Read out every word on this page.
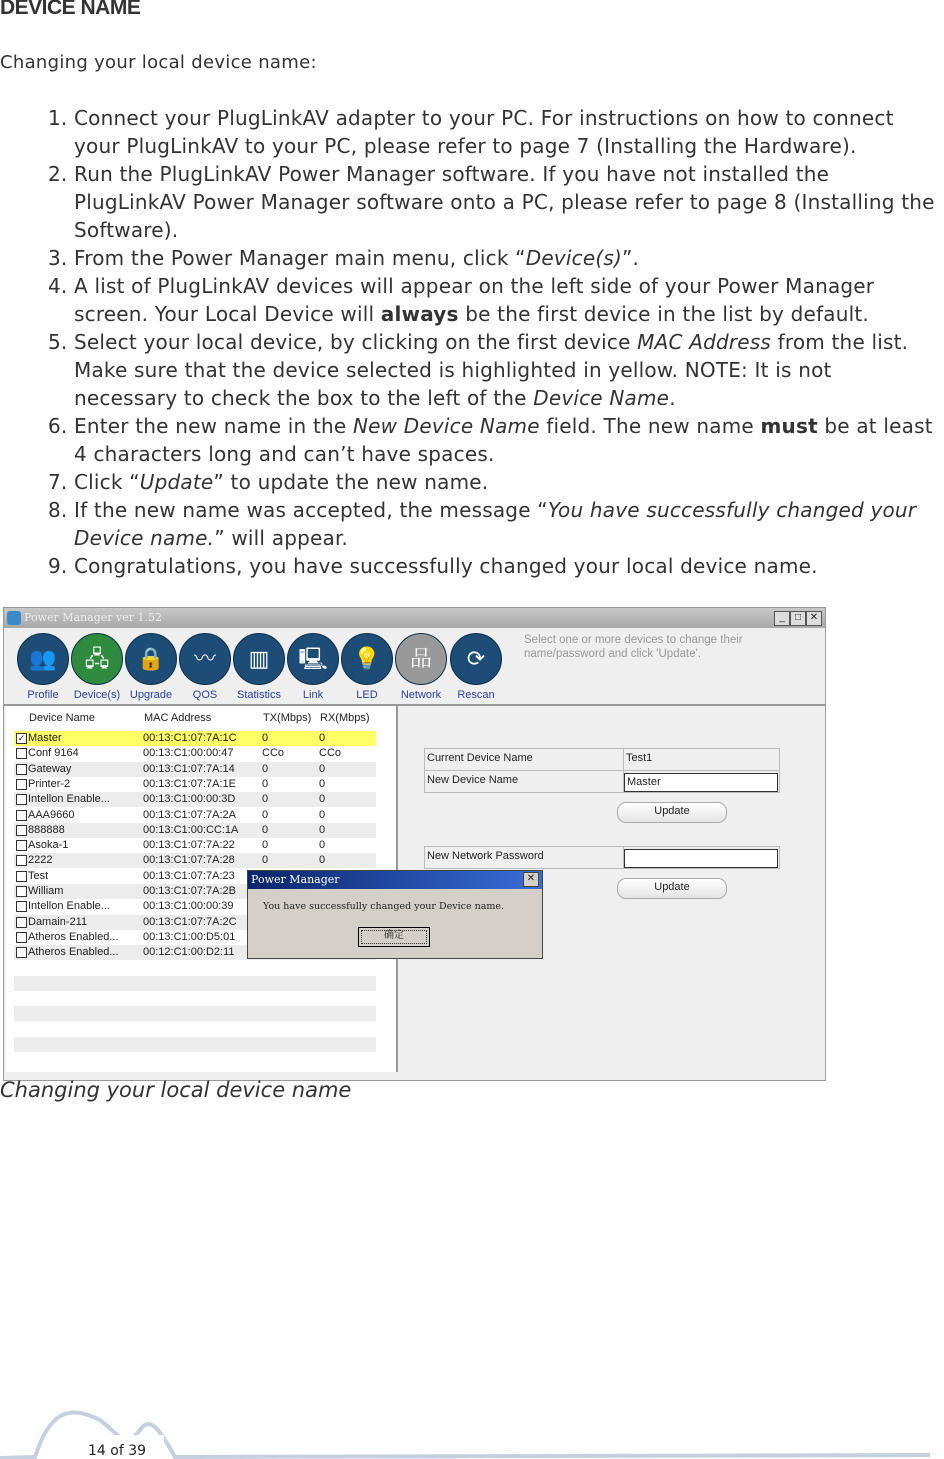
DEVICE NAME
Changing your local device name:
1. Connect your PlugLinkAV adapter to your PC. For instructions on how to connect your PlugLinkAV to your PC, please refer to page 7 (Installing the Hardware).
2. Run the PlugLinkAV Power Manager software. If you have not installed the PlugLinkAV Power Manager software onto a PC, please refer to page 8 (Installing the Software).
3. From the Power Manager main menu, click “Device(s)”.
4. A list of PlugLinkAV devices will appear on the left side of your Power Manager screen. Your Local Device will always be the first device in the list by default.
5. Select your local device, by clicking on the first device MAC Address from the list. Make sure that the device selected is highlighted in yellow. NOTE: It is not necessary to check the box to the left of the Device Name.
6. Enter the new name in the New Device Name field. The new name must be at least 4 characters long and can’t have spaces.
7. Click “Update” to update the new name.
8. If the new name was accepted, the message “You have successfully changed your Device name.” will appear.
9. Congratulations, you have successfully changed your local device name.
Power Manager ver 1.52	_	□ ✕
👥
Profile
🖧
Device(s)
🔒
Upgrade
〰
QOS
▥
Statistics
🖳
Link
💡
LED
品
Network
⟳
Rescan
Select one or more devices to change their name/password and click 'Update'.
Device Name	MAC Address	TX(Mbps) RX(Mbps)
✓ Master	00:13:C1:07:7A:1C 0	0
Conf 9164	00:13:C1:00:00:47	CCo	CCo
Gateway	00:13:C1:07:7A:14 0	0
Printer-2	00:13:C1:07:7A:1E 0	0
Intellon Enable...	00:13:C1:00:00:3D 0	0
AAA9660	00:13:C1:07:7A:2A 0	0
888888	00:13:C1:00:CC:1A 0	0
Asoka-1	00:13:C1:07:7A:22 0	0
2222	00:13:C1:07:7A:28 0	0
Test	00:13:C1:07:7A:23
William	00:13:C1:07:7A:2B
Intellon Enable...	00:13:C1:00:00:39
Damain-211	00:13:C1:07:7A:2C
Atheros Enabled... 00:13:C1:00:D5:01
Atheros Enabled... 00:12:C1:00:D2:11
Current Device Name	Test1
New Device Name	Master
Update
New Network Password
Update
Power Manager	✕
You have successfully changed your Device name.
确定
Changing your local device name
14 of 39
